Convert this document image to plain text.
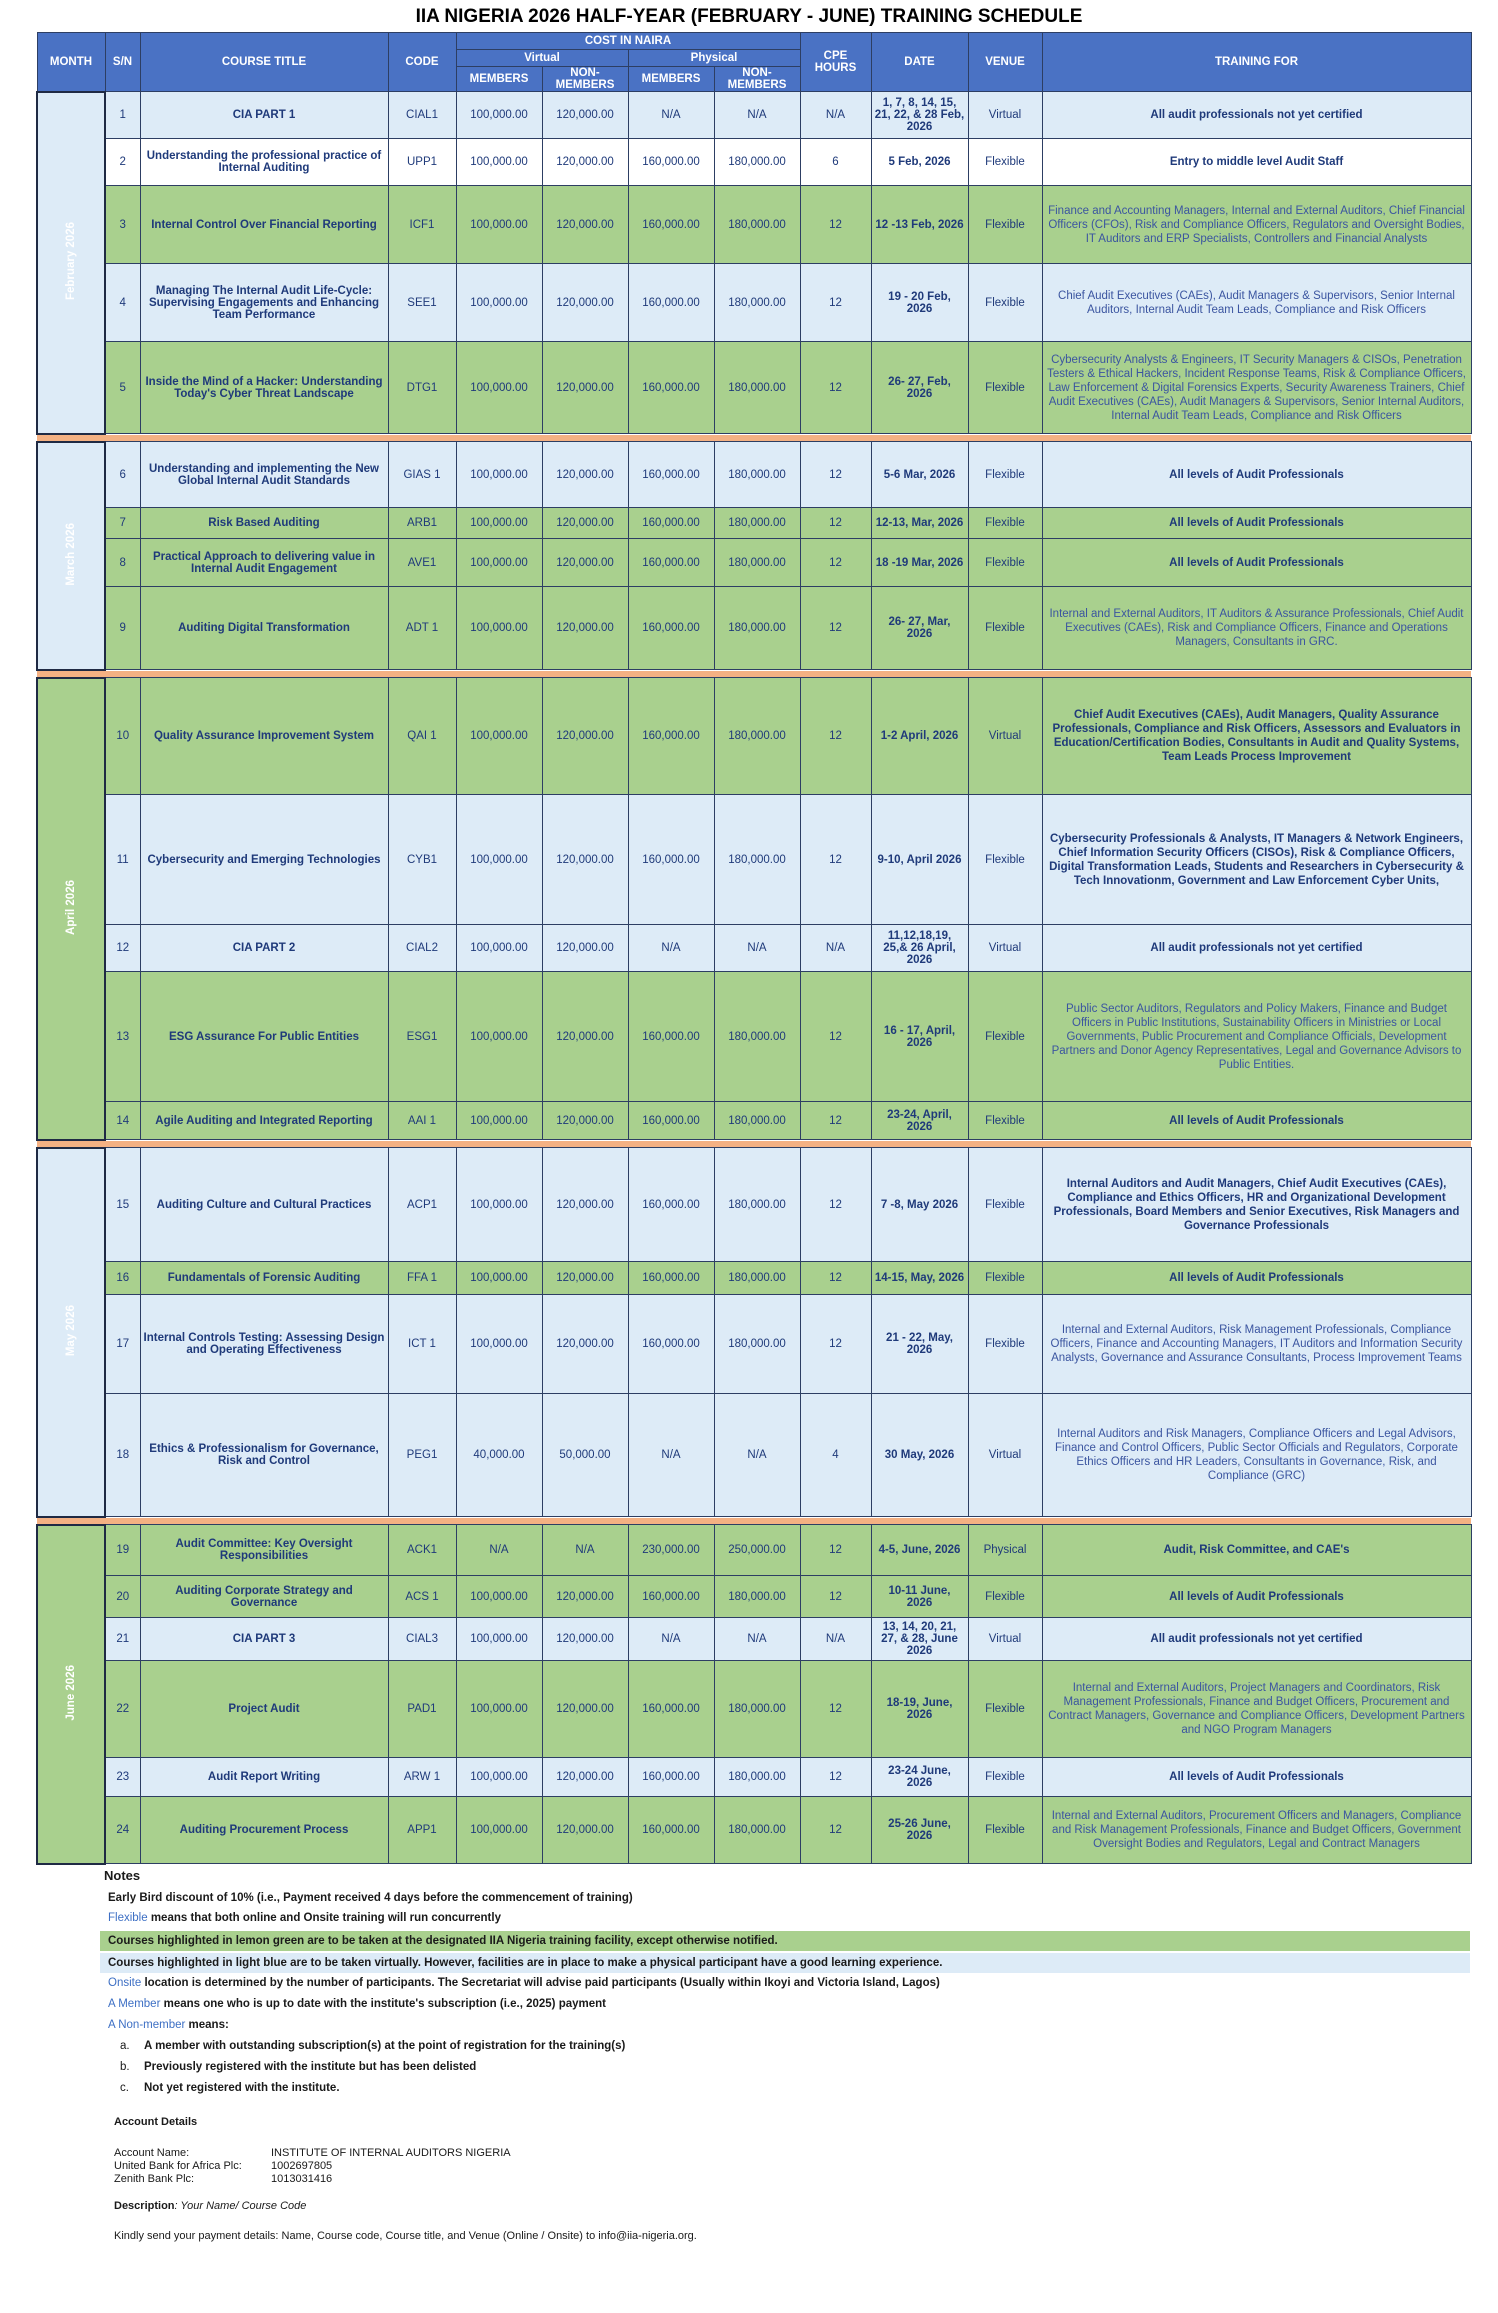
IIA NIGERIA 2026 HALF-YEAR (FEBRUARY - JUNE) TRAINING SCHEDULE
MONTH	S/N	COURSE TITLE	CODE	COST IN NAIRA				CPE HOURS	DATE	VENUE	TRAINING FOR
				Virtual		Physical					
				MEMBERS	NON-MEMBERS	MEMBERS	NON-MEMBERS				
February 2026	1	CIA PART 1	CIAL1	100,000.00	120,000.00	N/A	N/A	N/A	1, 7, 8, 14, 15, 21, 22, & 28 Feb, 2026	Virtual	All audit professionals not yet certified
	2	Understanding the professional practice of Internal Auditing	UPP1	100,000.00	120,000.00	160,000.00	180,000.00	6	5 Feb, 2026	Flexible	Entry to middle level Audit Staff
	3	Internal Control Over Financial Reporting	ICF1	100,000.00	120,000.00	160,000.00	180,000.00	12	12 -13 Feb, 2026	Flexible	Finance and Accounting Managers, Internal and External Auditors, Chief Financial Officers (CFOs), Risk and Compliance Officers, Regulators and Oversight Bodies, IT Auditors and ERP Specialists, Controllers and Financial Analysts
	4	Managing The Internal Audit Life-Cycle: Supervising Engagements and Enhancing Team Performance	SEE1	100,000.00	120,000.00	160,000.00	180,000.00	12	19 - 20 Feb, 2026	Flexible	Chief Audit Executives (CAEs), Audit Managers & Supervisors, Senior Internal Auditors, Internal Audit Team Leads, Compliance and Risk Officers
	5	Inside the Mind of a Hacker: Understanding Today's Cyber Threat Landscape	DTG1	100,000.00	120,000.00	160,000.00	180,000.00	12	26- 27, Feb, 2026	Flexible	Cybersecurity Analysts & Engineers, IT Security Managers & CISOs, Penetration Testers & Ethical Hackers, Incident Response Teams, Risk & Compliance Officers, Law Enforcement & Digital Forensics Experts, Security Awareness Trainers, Chief Audit Executives (CAEs), Audit Managers & Supervisors, Senior Internal Auditors, Internal Audit Team Leads, Compliance and Risk Officers

March 2026	6	Understanding and implementing the New Global Internal Audit Standards	GIAS 1	100,000.00	120,000.00	160,000.00	180,000.00	12	5-6 Mar, 2026	Flexible	All levels of Audit Professionals
	7	Risk Based Auditing	ARB1	100,000.00	120,000.00	160,000.00	180,000.00	12	12-13, Mar, 2026	Flexible	All levels of Audit Professionals
	8	Practical Approach to delivering value in Internal Audit Engagement	AVE1	100,000.00	120,000.00	160,000.00	180,000.00	12	18 -19 Mar, 2026	Flexible	All levels of Audit Professionals
	9	Auditing Digital Transformation	ADT 1	100,000.00	120,000.00	160,000.00	180,000.00	12	26- 27, Mar, 2026	Flexible	Internal and External Auditors, IT Auditors & Assurance Professionals, Chief Audit Executives (CAEs), Risk and Compliance Officers, Finance and Operations Managers, Consultants in GRC.

April 2026	10	Quality Assurance Improvement System	QAI 1	100,000.00	120,000.00	160,000.00	180,000.00	12	1-2 April, 2026	Virtual	Chief Audit Executives (CAEs), Audit Managers, Quality Assurance Professionals, Compliance and Risk Officers, Assessors and Evaluators in Education/Certification Bodies, Consultants in Audit and Quality Systems, Team Leads Process Improvement
	11	Cybersecurity and Emerging Technologies	CYB1	100,000.00	120,000.00	160,000.00	180,000.00	12	9-10, April 2026	Flexible	Cybersecurity Professionals & Analysts, IT Managers & Network Engineers, Chief Information Security Officers (CISOs), Risk & Compliance Officers, Digital Transformation Leads, Students and Researchers in Cybersecurity & Tech Innovationm, Government and Law Enforcement Cyber Units,
	12	CIA PART 2	CIAL2	100,000.00	120,000.00	N/A	N/A	N/A	11,12,18,19, 25,& 26 April, 2026	Virtual	All audit professionals not yet certified
	13	ESG Assurance For Public Entities	ESG1	100,000.00	120,000.00	160,000.00	180,000.00	12	16 - 17, April, 2026	Flexible	Public Sector Auditors, Regulators and Policy Makers, Finance and Budget Officers in Public Institutions, Sustainability Officers in Ministries or Local Governments, Public Procurement and Compliance Officials, Development Partners and Donor Agency Representatives, Legal and Governance Advisors to Public Entities.
	14	Agile Auditing and Integrated Reporting	AAI 1	100,000.00	120,000.00	160,000.00	180,000.00	12	23-24, April, 2026	Flexible	All levels of Audit Professionals

May 2026	15	Auditing Culture and Cultural Practices	ACP1	100,000.00	120,000.00	160,000.00	180,000.00	12	7 -8, May 2026	Flexible	Internal Auditors and Audit Managers, Chief Audit Executives (CAEs), Compliance and Ethics Officers, HR and Organizational Development Professionals, Board Members and Senior Executives, Risk Managers and Governance Professionals
	16	Fundamentals of Forensic Auditing	FFA 1	100,000.00	120,000.00	160,000.00	180,000.00	12	14-15, May, 2026	Flexible	All levels of Audit Professionals
	17	Internal Controls Testing: Assessing Design and Operating Effectiveness	ICT 1	100,000.00	120,000.00	160,000.00	180,000.00	12	21 - 22, May, 2026	Flexible	Internal and External Auditors, Risk Management Professionals, Compliance Officers, Finance and Accounting Managers, IT Auditors and Information Security Analysts, Governance and Assurance Consultants, Process Improvement Teams
	18	Ethics & Professionalism for Governance, Risk and Control	PEG1	40,000.00	50,000.00	N/A	N/A	4	30 May, 2026	Virtual	Internal Auditors and Risk Managers, Compliance Officers and Legal Advisors, Finance and Control Officers, Public Sector Officials and Regulators, Corporate Ethics Officers and HR Leaders, Consultants in Governance, Risk, and Compliance (GRC)

June 2026	19	Audit Committee: Key Oversight Responsibilities	ACK1	N/A	N/A	230,000.00	250,000.00	12	4-5, June, 2026	Physical	Audit, Risk Committee, and CAE's
	20	Auditing Corporate Strategy and Governance	ACS 1	100,000.00	120,000.00	160,000.00	180,000.00	12	10-11 June, 2026	Flexible	All levels of Audit Professionals
	21	CIA PART 3	CIAL3	100,000.00	120,000.00	N/A	N/A	N/A	13, 14, 20, 21, 27, & 28, June 2026	Virtual	All audit professionals not yet certified
	22	Project Audit	PAD1	100,000.00	120,000.00	160,000.00	180,000.00	12	18-19, June, 2026	Flexible	Internal and External Auditors, Project Managers and Coordinators, Risk Management Professionals, Finance and Budget Officers, Procurement and Contract Managers, Governance and Compliance Officers, Development Partners and NGO Program Managers
	23	Audit Report Writing	ARW 1	100,000.00	120,000.00	160,000.00	180,000.00	12	23-24 June, 2026	Flexible	All levels of Audit Professionals
	24	Auditing Procurement Process	APP1	100,000.00	120,000.00	160,000.00	180,000.00	12	25-26 June, 2026	Flexible	Internal and External Auditors, Procurement Officers and Managers, Compliance and Risk Management Professionals, Finance and Budget Officers, Government Oversight Bodies and Regulators, Legal and Contract Managers
Notes
Early Bird discount of 10% (i.e., Payment received 4 days before the commencement of training)
Flexible means that both online and Onsite training will run concurrently
Courses highlighted in lemon green are to be taken at the designated IIA Nigeria training facility, except otherwise notified.
Courses highlighted in light blue are to be taken virtually. However, facilities are in place to make a physical participant have a good learning experience.
Onsite location is determined by the number of participants. The Secretariat will advise paid participants (Usually within Ikoyi and Victoria Island, Lagos)
A Member means one who is up to date with the institute's subscription (i.e., 2025) payment
A Non-member means:
a. A member with outstanding subscription(s) at the point of registration for the training(s)
b. Previously registered with the institute but has been delisted
c. Not yet registered with the institute.
Account Details
Account Name:	INSTITUTE OF INTERNAL AUDITORS NIGERIA
United Bank for Africa Plc:	1002697805
Zenith Bank Plc:	1013031416
Description: Your Name/ Course Code
Kindly send your payment details: Name, Course code, Course title, and Venue (Online / Onsite) to info@iia-nigeria.org.
